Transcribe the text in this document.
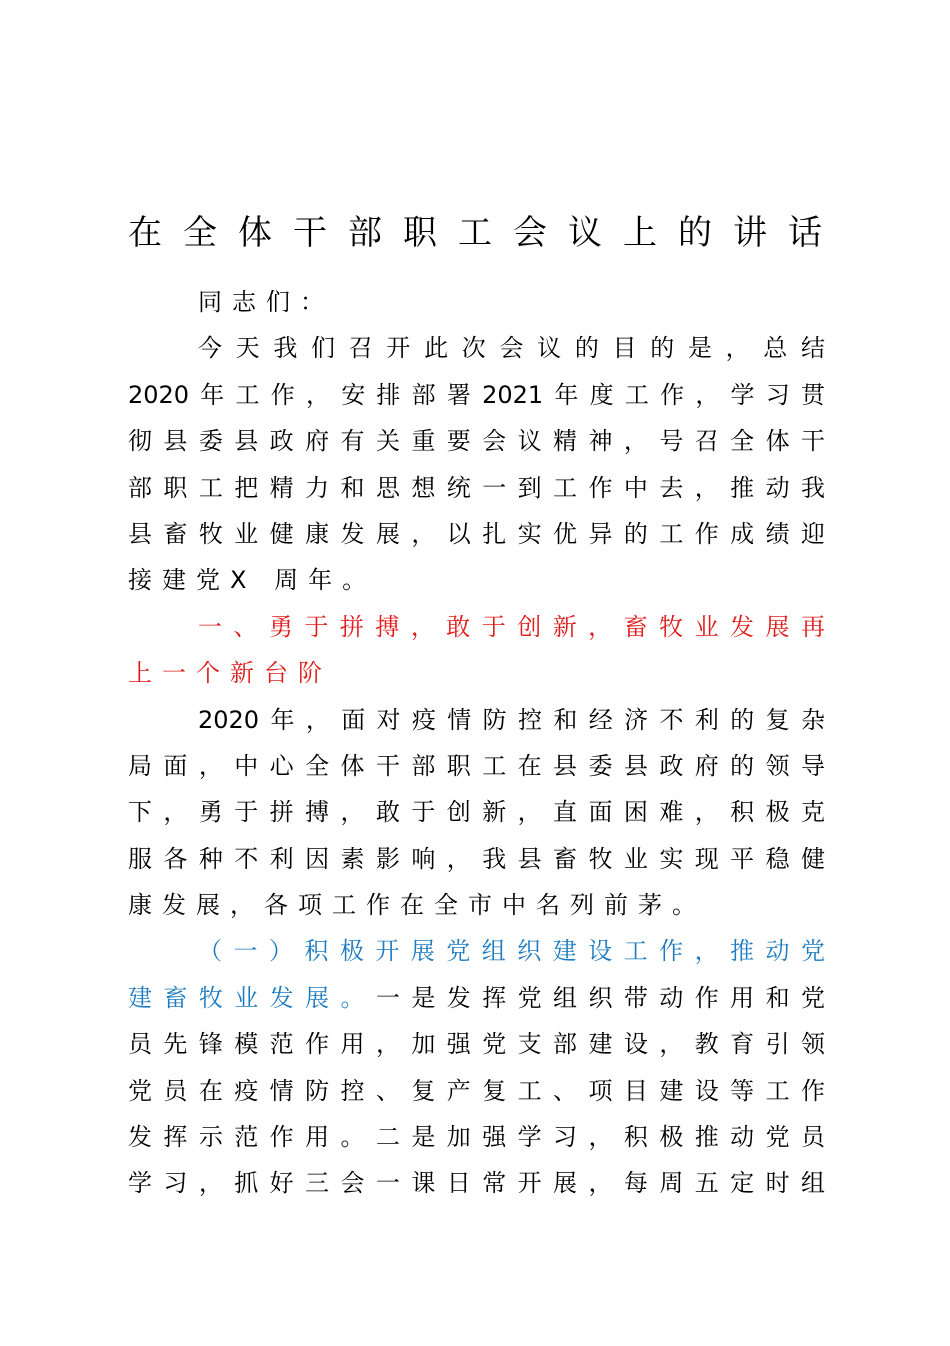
在全体干部职工会议上的讲话
同志们：
今天我们召开此次会议的目的是，总结
2020年工作，安排部署2021年度工作，学习贯
彻县委县政府有关重要会议精神，号召全体干
部职工把精力和思想统一到工作中去，推动我
县畜牧业健康发展，以扎实优异的工作成绩迎
接建党X 周年。
一、勇于拼搏，敢于创新，畜牧业发展再
上一个新台阶
2020年，面对疫情防控和经济不利的复杂
局面，中心全体干部职工在县委县政府的领导
下，勇于拼搏，敢于创新，直面困难，积极克
服各种不利因素影响，我县畜牧业实现平稳健
康发展，各项工作在全市中名列前茅。
（一）积极开展党组织建设工作，推动党
建畜牧业发展。一是发挥党组织带动作用和党
员先锋模范作用，加强党支部建设，教育引领
党员在疫情防控、复产复工、项目建设等工作
发挥示范作用。二是加强学习，积极推动党员
学习，抓好三会一课日常开展，每周五定时组
